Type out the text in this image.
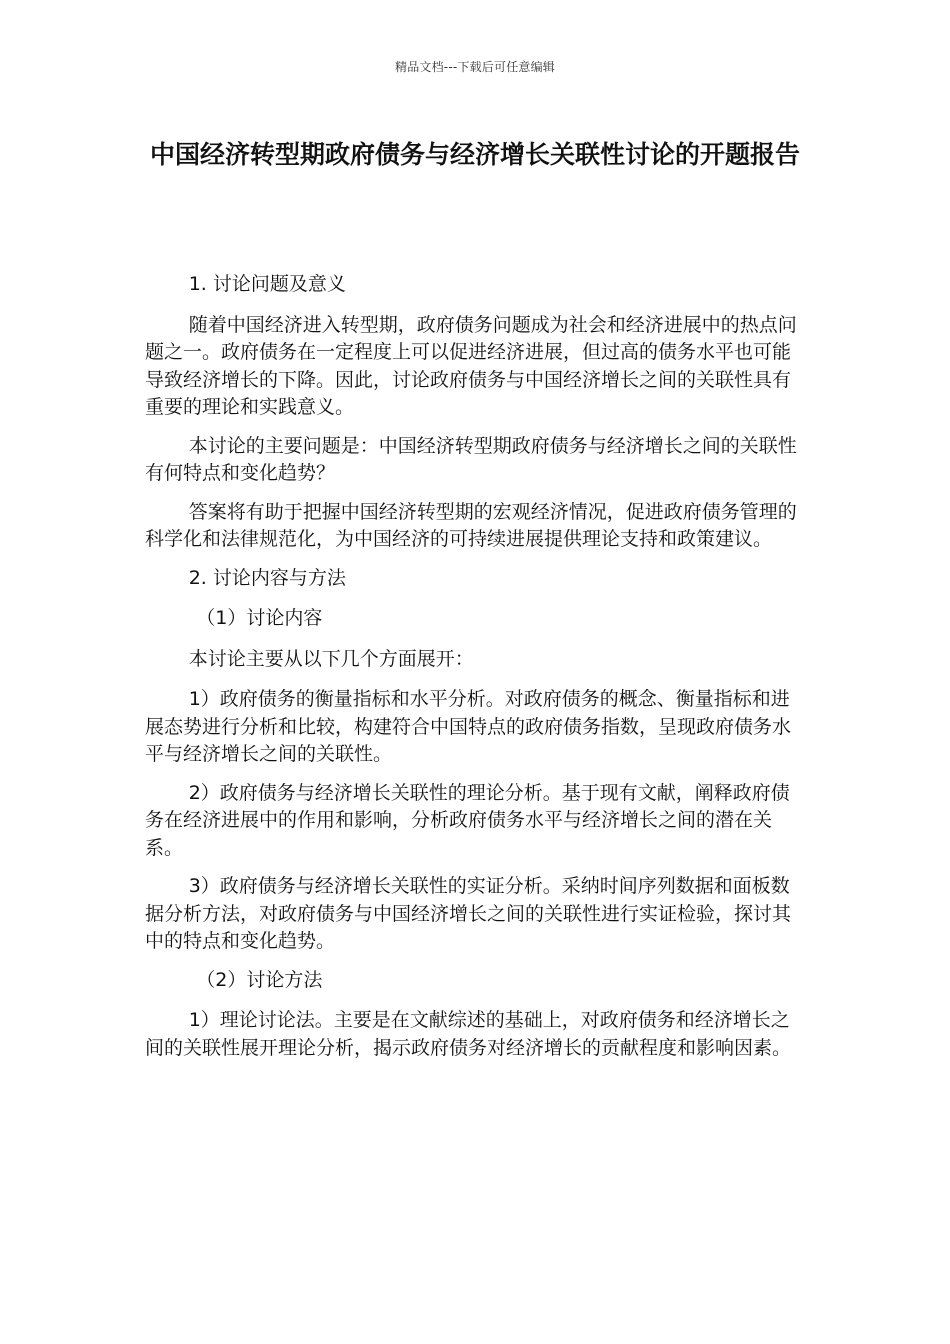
精品文档---下载后可任意编辑
中国经济转型期政府债务与经济增长关联性讨论的开题报告

1. 讨论问题及意义

随着中国经济进入转型期，政府债务问题成为社会和经济进展中的热点问题之一。政府债务在一定程度上可以促进经济进展，但过高的债务水平也可能导致经济增长的下降。因此，讨论政府债务与中国经济增长之间的关联性具有重要的理论和实践意义。

本讨论的主要问题是：中国经济转型期政府债务与经济增长之间的关联性有何特点和变化趋势？

答案将有助于把握中国经济转型期的宏观经济情况，促进政府债务管理的科学化和法律规范化，为中国经济的可持续进展提供理论支持和政策建议。

2. 讨论内容与方法

（1）讨论内容

本讨论主要从以下几个方面展开：

1）政府债务的衡量指标和水平分析。对政府债务的概念、衡量指标和进展态势进行分析和比较，构建符合中国特点的政府债务指数，呈现政府债务水平与经济增长之间的关联性。

2）政府债务与经济增长关联性的理论分析。基于现有文献，阐释政府债务在经济进展中的作用和影响，分析政府债务水平与经济增长之间的潜在关系。

3）政府债务与经济增长关联性的实证分析。采纳时间序列数据和面板数据分析方法，对政府债务与中国经济增长之间的关联性进行实证检验，探讨其中的特点和变化趋势。

（2）讨论方法

1）理论讨论法。主要是在文献综述的基础上，对政府债务和经济增长之间的关联性展开理论分析，揭示政府债务对经济增长的贡献程度和影响因素。
